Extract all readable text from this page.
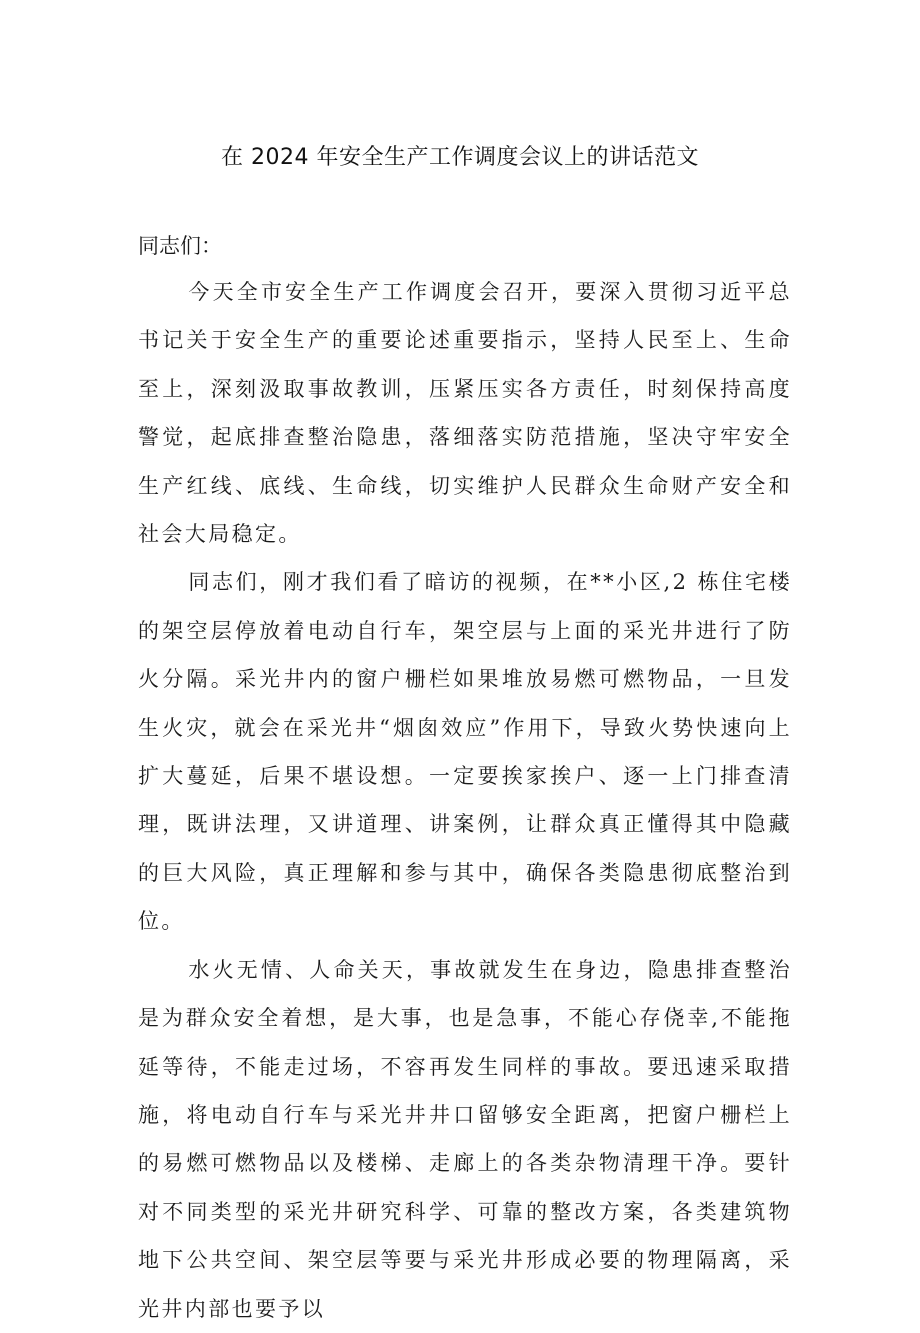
在 2024 年安全生产工作调度会议上的讲话范文

同志们：

今天全市安全生产工作调度会召开，要深入贯彻习近平总书记关于安全生产的重要论述重要指示，坚持人民至上、生命至上，深刻汲取事故教训，压紧压实各方责任，时刻保持高度警觉，起底排查整治隐患，落细落实防范措施，坚决守牢安全生产红线、底线、生命线，切实维护人民群众生命财产安全和社会大局稳定。

同志们，刚才我们看了暗访的视频，在**小区,2 栋住宅楼的架空层停放着电动自行车，架空层与上面的采光井进行了防火分隔。采光井内的窗户栅栏如果堆放易燃可燃物品，一旦发生火灾，就会在采光井“烟囱效应”作用下，导致火势快速向上扩大蔓延，后果不堪设想。一定要挨家挨户、逐一上门排查清理，既讲法理，又讲道理、讲案例，让群众真正懂得其中隐藏的巨大风险，真正理解和参与其中，确保各类隐患彻底整治到位。

水火无情、人命关天，事故就发生在身边，隐患排查整治是为群众安全着想，是大事，也是急事，不能心存侥幸,不能拖延等待，不能走过场，不容再发生同样的事故。要迅速采取措施，将电动自行车与采光井井口留够安全距离，把窗户栅栏上的易燃可燃物品以及楼梯、走廊上的各类杂物清理干净。要针对不同类型的采光井研究科学、可靠的整改方案，各类建筑物地下公共空间、架空层等要与采光井形成必要的物理隔离，采光井内部也要予以
